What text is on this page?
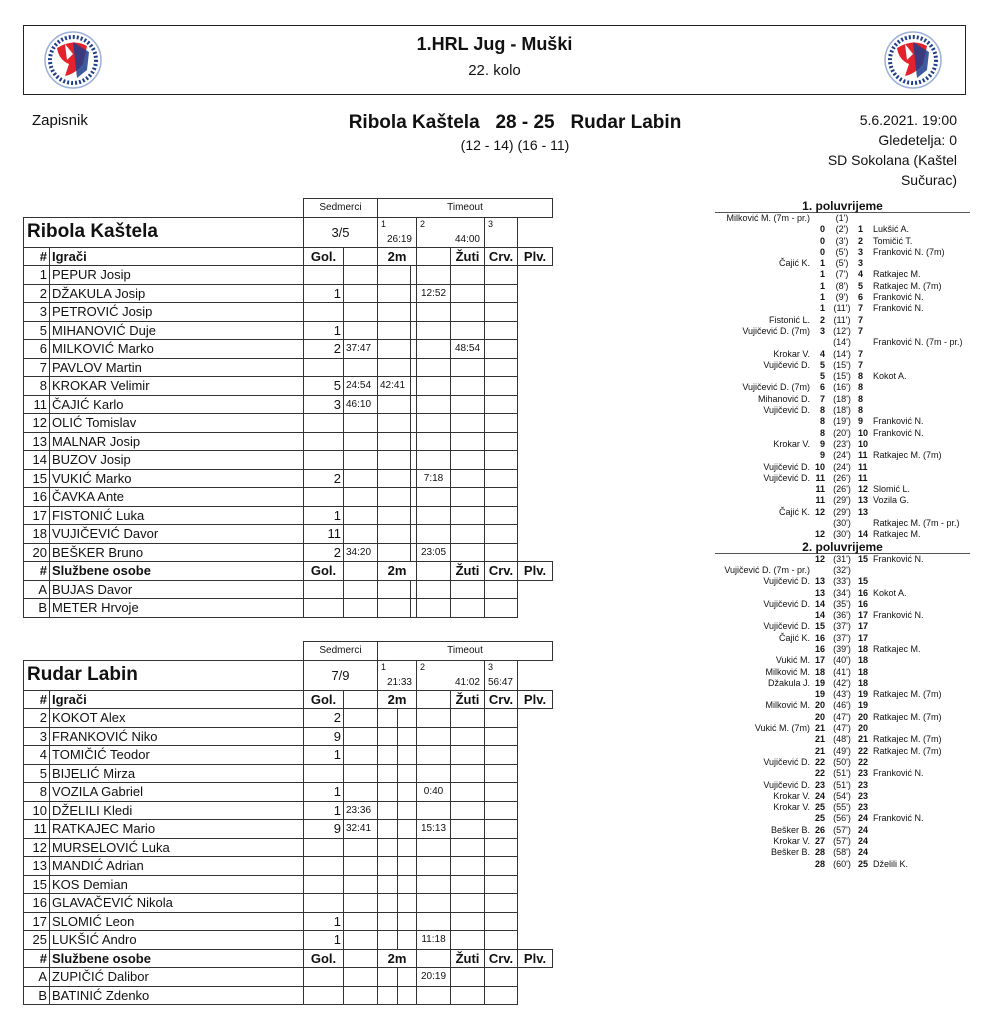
1.HRL Jug - Muški
22. kolo
Zapisnik	Ribola Kaštela   28 - 25   Rudar Labin
(12 - 14) (16 - 11)
5.6.2021. 19:00
Gledetelja: 0
SD Sokolana (Kaštel Sučurac)
		Sedmerci		Timeout					
Ribola Kaštela		3/5		1
26:19		2
44:00		3	

#	Igrači	Gol.		2m			Žuti	Crv.	Plv.
1	PEPUR Josip								
2	DŽAKULA Josip	1				12:52			
3	PETROVIĆ Josip								
5	MIHANOVIĆ Duje	1							
6	MILKOVIĆ Marko	2	37:47				48:54		
7	PAVLOV Martin								
8	KROKAR Velimir	5	24:54	42:41					
11	ČAJIĆ Karlo	3	46:10						
12	OLIĆ Tomislav								
13	MALNAR Josip								
14	BUZOV Josip								
15	VUKIĆ Marko	2				7:18			
16	ČAVKA Ante								
17	FISTONIĆ Luka	1							
18	VUJIČEVIĆ Davor	11							
20	BEŠKER Bruno	2	34:20			23:05			
#	Službene osobe	Gol.		2m			Žuti	Crv.	Plv.
A	BUJAS Davor								
B	METER Hrvoje								
		Sedmerci		Timeout					
Rudar Labin		7/9		1
21:33		2
41:02		3
56:47	

#	Igrači	Gol.		2m			Žuti	Crv.	Plv.
2	KOKOT Alex	2							
3	FRANKOVIĆ Niko	9							
4	TOMIČIĆ Teodor	1							
5	BIJELIĆ Mirza								
8	VOZILA Gabriel	1				0:40			
10	DŽELILI Kledi	1	23:36						
11	RATKAJEC Mario	9	32:41			15:13			
12	MURSELOVIĆ Luka								
13	MANDIĆ Adrian								
15	KOS Demian								
16	GLAVAČEVIĆ Nikola								
17	SLOMIĆ Leon	1							
25	LUKŠIĆ Andro	1				11:18			
#	Službene osobe	Gol.		2m			Žuti	Crv.	Plv.
A	ZUPIČIĆ Dalibor					20:19			
B	BATINIĆ Zdenko								
1. poluvrijeme
Milković M. (7m - pr.)	(1')
0	(2')	1	Lukšić A.
0	(3')	2	Tomičić T.
0	(5')	3	Franković N. (7m)
Čajić K.	1	(5')	3
1	(7')	4	Ratkajec M.
1	(8')	5	Ratkajec M. (7m)
1	(9')	6	Franković N.
1 (11') 7	Franković N.
Fistonić L.	2 (11') 7
Vujičević D. (7m)	3 (12') 7
(14')	Franković N. (7m - pr.)
Krokar V.	4 (14') 7
Vujičević D.	5 (15') 7
5 (15') 8	Kokot A.
Vujičević D. (7m)	6 (16') 8
Mihanović D.	7 (18') 8
Vujičević D.	8 (18') 8
8 (19') 9	Franković N.
8 (20') 10 Franković N.
Krokar V.	9 (23') 10
9 (24') 11 Ratkajec M. (7m)
Vujičević D. 10 (24') 11
Vujičević D. 11 (26') 11
11 (26') 12 Slomić L.
11 (29') 13 Vozila G.
Čajić K. 12 (29') 13
(30')	Ratkajec M. (7m - pr.)
12 (30') 14 Ratkajec M.
2. poluvrijeme
12 (31') 15 Franković N.
Vujičević D. (7m - pr.)	(32')
Vujičević D. 13 (33') 15
13 (34') 16 Kokot A.
Vujičević D. 14 (35') 16
14 (36') 17 Franković N.
Vujičević D. 15 (37') 17
Čajić K. 16 (37') 17
16 (39') 18 Ratkajec M.
Vukić M. 17 (40') 18
Milković M. 18 (41') 18
Džakula J. 19 (42') 18
19 (43') 19 Ratkajec M. (7m)
Milković M. 20 (46') 19
20 (47') 20 Ratkajec M. (7m)
Vukić M. (7m) 21 (47') 20
21 (48') 21 Ratkajec M. (7m)
21 (49') 22 Ratkajec M. (7m)
Vujičević D. 22 (50') 22
22 (51') 23 Franković N.
Vujičević D. 23 (51') 23
Krokar V. 24 (54') 23
Krokar V. 25 (55') 23
25 (56') 24 Franković N.
Bešker B. 26 (57') 24
Krokar V. 27 (57') 24
Bešker B. 28 (58') 24
28 (60') 25 Dželili K.
